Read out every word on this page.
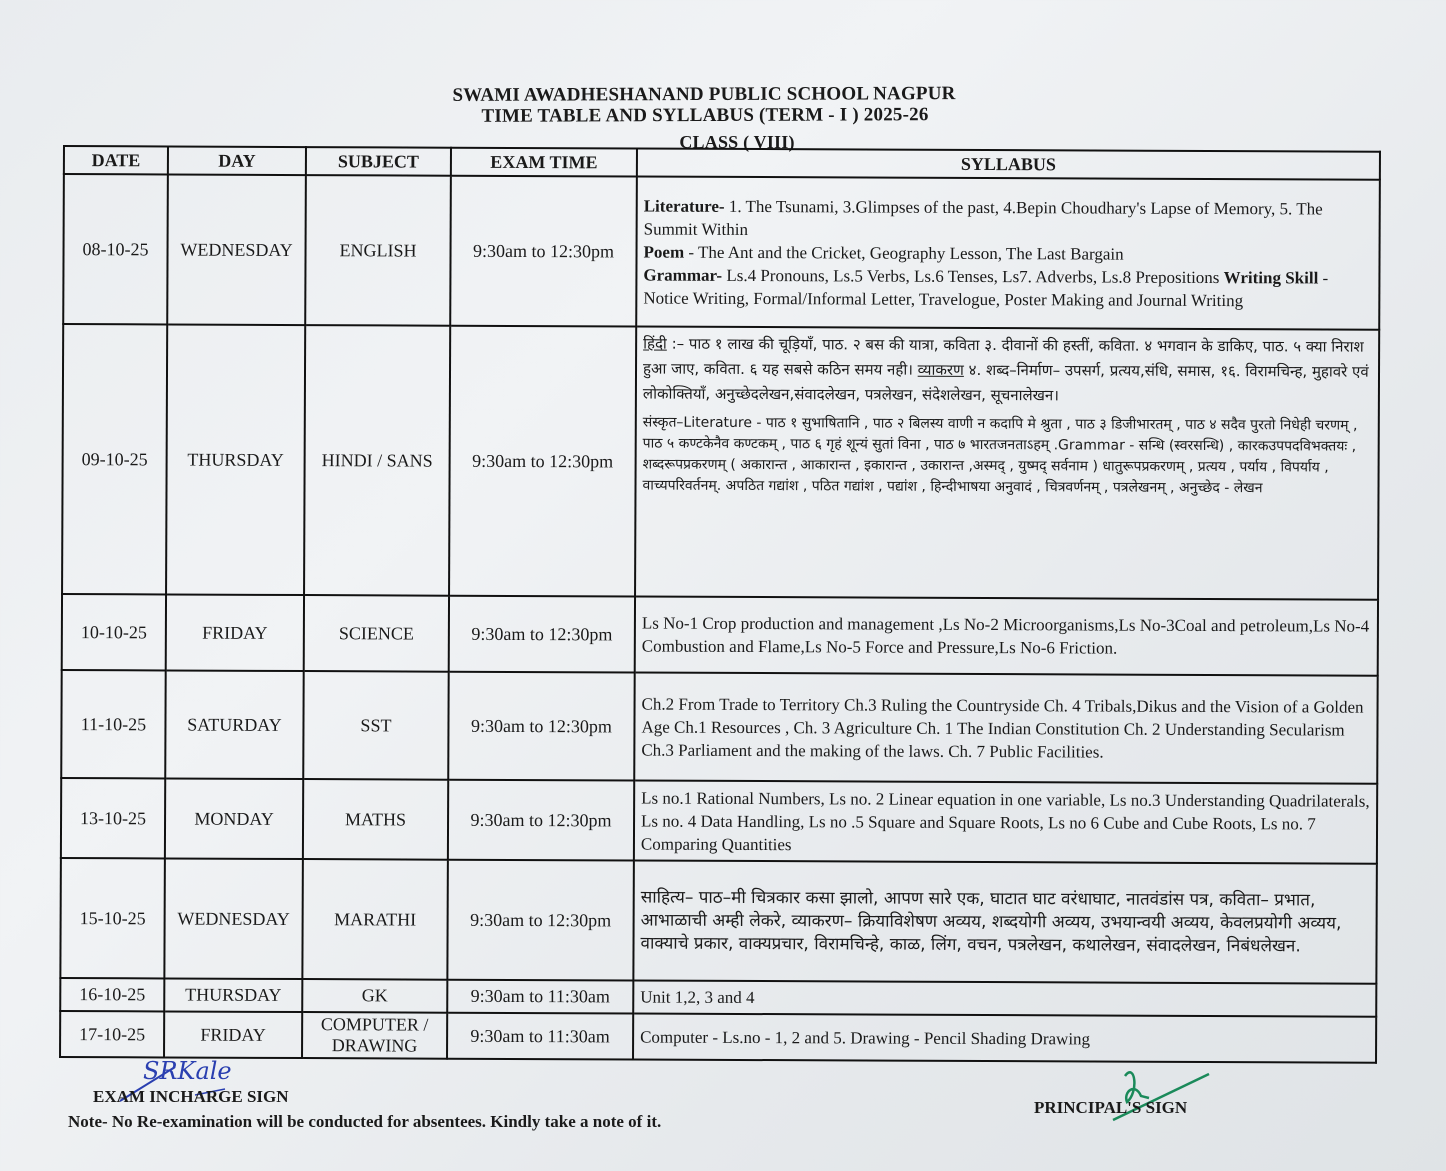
SWAMI AWADHESHANAND PUBLIC SCHOOL NAGPUR
TIME TABLE AND SYLLABUS (TERM - I ) 2025-26
CLASS ( VIII)
DATE	DAY	SUBJECT	EXAM TIME	SYLLABUS
08-10-25	WEDNESDAY	ENGLISH	9:30am to 12:30pm	Literature- 1. The Tsunami, 3.Glimpses of the past, 4.Bepin Choudhary's Lapse of Memory, 5. The Summit Within
Poem - The Ant and the Cricket, Geography Lesson, The Last Bargain
Grammar- Ls.4 Pronouns, Ls.5 Verbs, Ls.6 Tenses, Ls7. Adverbs, Ls.8 Prepositions Writing Skill - Notice Writing, Formal/Informal Letter, Travelogue, Poster Making and Journal Writing

09-10-25	THURSDAY	HINDI / SANS	9:30am to 12:30pm	हिंदी :– पाठ १ लाख की चूड़ियाँ, पाठ. २ बस की यात्रा, कविता ३. दीवानों की हस्तीं, कविता. ४ भगवान के डाकिए, पाठ. ५ क्या निराश हुआ जाए, कविता. ६ यह सबसे कठिन समय नही। व्याकरण ४. शब्द–निर्माण– उपसर्ग, प्रत्यय,संधि, समास, १६. विरामचिन्ह, मुहावरे एवं लोकोक्तियाँ, अनुच्छेदलेखन,संवादलेखन, पत्रलेखन, संदेशलेखन, सूचनालेखन।
संस्कृत–Literature - पाठ १ सुभाषितानि , पाठ २ बिलस्य वाणी न कदापि मे श्रुता , पाठ ३ डिजीभारतम् , पाठ ४ सदैव पुरतो निधेही चरणम् , पाठ ५ कण्टकेनैव कण्टकम् , पाठ ६ गृहं शून्यं सुतां विना , पाठ ७ भारतजनताऽहम् .Grammar - सन्धि (स्वरसन्धि) , कारकउपपदविभक्तयः , शब्दरूपप्रकरणम् ( अकारान्त , आकारान्त , इकारान्त , उकारान्त ,अस्मद् , युष्मद् सर्वनाम ) धातुरूपप्रकरणम् , प्रत्यय , पर्याय , विपर्याय , वाच्यपरिवर्तनम्. अपठित गद्यांश , पठित गद्यांश , पद्यांश , हिन्दीभाषया अनुवादं , चित्रवर्णनम् , पत्रलेखनम् , अनुच्छेद - लेखन

10-10-25	FRIDAY	SCIENCE	9:30am to 12:30pm	Ls No-1 Crop production and management ,Ls No-2 Microorganisms,Ls No-3Coal and petroleum,Ls No-4 Combustion and Flame,Ls No-5 Force and Pressure,Ls No-6 Friction.
11-10-25	SATURDAY	SST	9:30am to 12:30pm	Ch.2 From Trade to Territory Ch.3 Ruling the Countryside Ch. 4 Tribals,Dikus and the Vision of a Golden Age Ch.1 Resources , Ch. 3 Agriculture Ch. 1 The Indian Constitution Ch. 2 Understanding Secularism Ch.3 Parliament and the making of the laws. Ch. 7 Public Facilities.
13-10-25	MONDAY	MATHS	9:30am to 12:30pm	Ls no.1 Rational Numbers, Ls no. 2 Linear equation in one variable, Ls no.3 Understanding Quadrilaterals, Ls no. 4 Data Handling, Ls no .5 Square and Square Roots, Ls no 6 Cube and Cube Roots, Ls no. 7 Comparing Quantities
15-10-25	WEDNESDAY	MARATHI	9:30am to 12:30pm	साहित्य– पाठ–मी चित्रकार कसा झालो, आपण सारे एक, घाटात घाट वरंधाघाट, नातवंडांस पत्र, कविता– प्रभात, आभाळाची अम्ही लेकरे, व्याकरण– क्रियाविशेषण अव्यय, शब्दयोगी अव्यय, उभयान्वयी अव्यय, केवलप्रयोगी अव्यय, वाक्याचे प्रकार, वाक्यप्रचार, विरामचिन्हे, काळ, लिंग, वचन, पत्रलेखन, कथालेखन, संवादलेखन, निबंधलेखन.
16-10-25	THURSDAY	GK	9:30am to 11:30am	Unit 1,2, 3 and 4
17-10-25	FRIDAY	COMPUTER / DRAWING	9:30am to 11:30am	Computer - Ls.no - 1, 2 and 5. Drawing - Pencil Shading Drawing
SRKale
EXAM INCHARGE SIGN
PRINCIPAL'S SIGN
Note- No Re-examination will be conducted for absentees. Kindly take a note of it.
